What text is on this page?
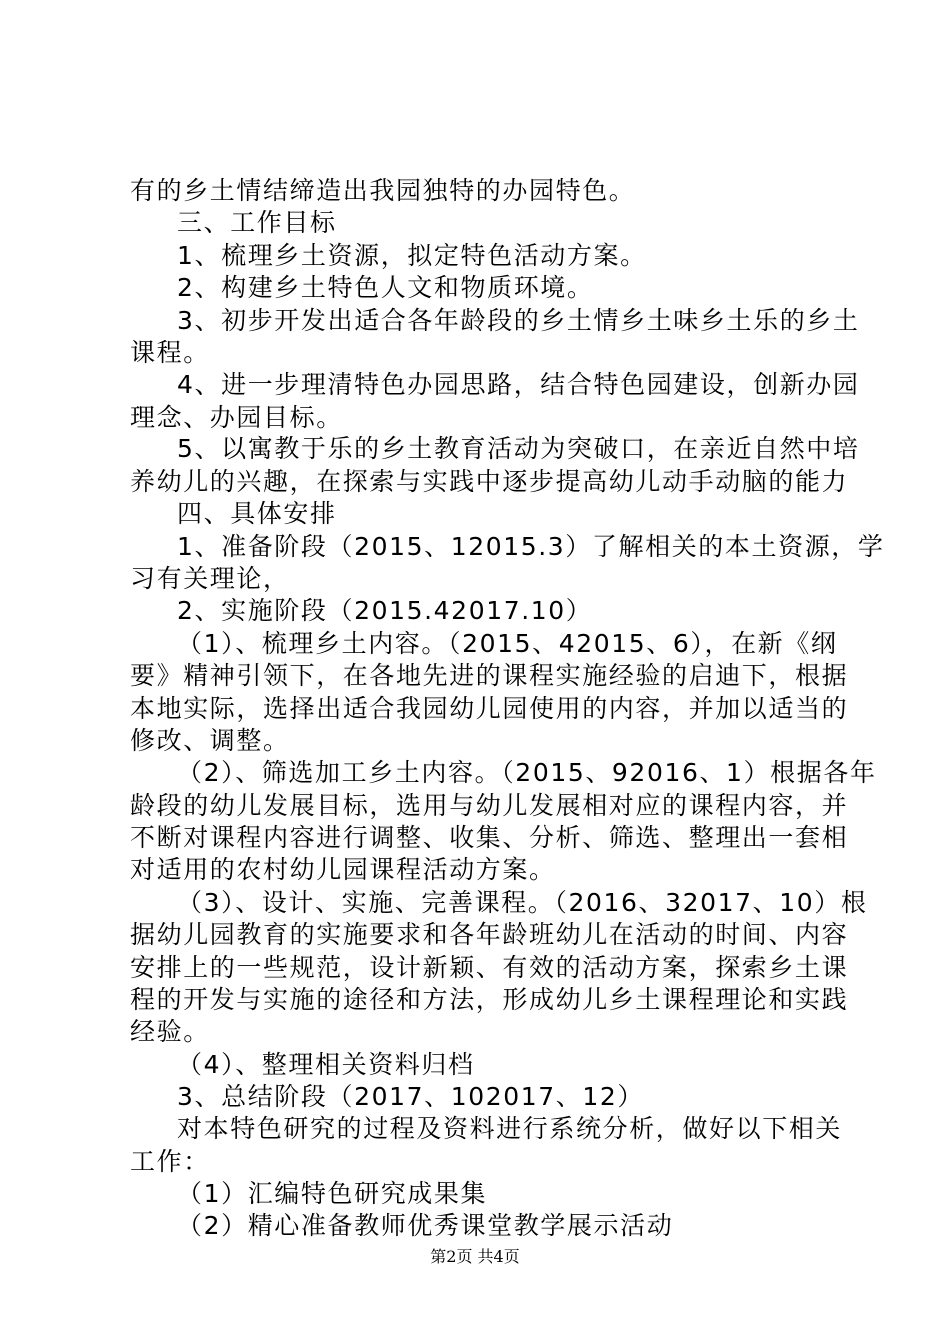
有的乡土情结缔造出我园独特的办园特色。
三、工作目标
1、梳理乡土资源，拟定特色活动方案。
2、构建乡土特色人文和物质环境。
3、初步开发出适合各年龄段的乡土情乡土味乡土乐的乡土
课程。
4、进一步理清特色办园思路，结合特色园建设，创新办园
理念、办园目标。
5、以寓教于乐的乡土教育活动为突破口，在亲近自然中培
养幼儿的兴趣，在探索与实践中逐步提高幼儿动手动脑的能力
四、具体安排
1、准备阶段（2015、12015.3）了解相关的本土资源，学
习有关理论，
2、实施阶段（2015.42017.10）
（1）、梳理乡土内容。（2015、42015、6），在新《纲
要》精神引领下，在各地先进的课程实施经验的启迪下，根据
本地实际，选择出适合我园幼儿园使用的内容，并加以适当的
修改、调整。
（2）、筛选加工乡土内容。（2015、92016、1）根据各年
龄段的幼儿发展目标，选用与幼儿发展相对应的课程内容，并
不断对课程内容进行调整、收集、分析、筛选、整理出一套相
对适用的农村幼儿园课程活动方案。
（3）、设计、实施、完善课程。（2016、32017、10）根
据幼儿园教育的实施要求和各年龄班幼儿在活动的时间、内容
安排上的一些规范，设计新颖、有效的活动方案，探索乡土课
程的开发与实施的途径和方法，形成幼儿乡土课程理论和实践
经验。
（4）、整理相关资料归档
3、总结阶段（2017、102017、12）
对本特色研究的过程及资料进行系统分析，做好以下相关
工作：
（1）汇编特色研究成果集
（2）精心准备教师优秀课堂教学展示活动
第2页 共4页
